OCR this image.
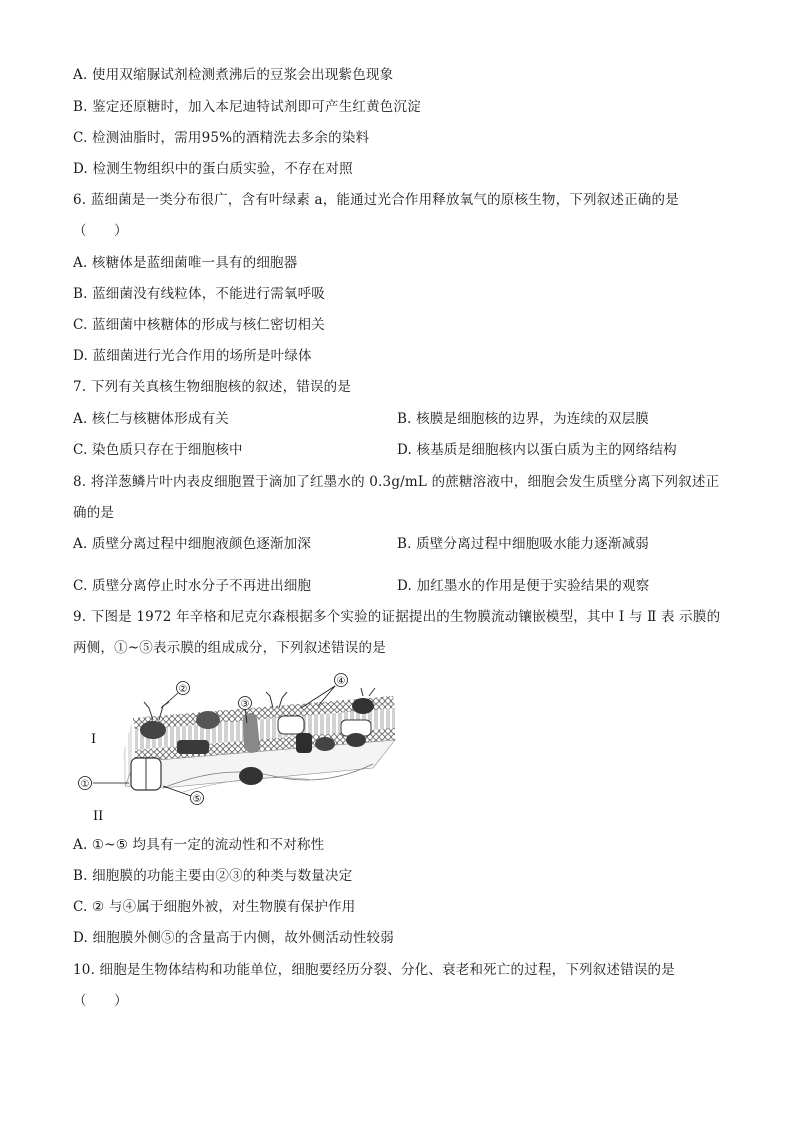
A. 使用双缩脲试剂检测煮沸后的豆浆会出现紫色现象
B. 鉴定还原糖时，加入本尼迪特试剂即可产生红黄色沉淀
C. 检测油脂时，需用95%的酒精洗去多余的染料
D. 检测生物组织中的蛋白质实验，不存在对照
6. 蓝细菌是一类分布很广，含有叶绿素 a，能通过光合作用释放氧气的原核生物，下列叙述正确的是
（　　）
A. 核糖体是蓝细菌唯一具有的细胞器
B. 蓝细菌没有线粒体，不能进行需氧呼吸
C. 蓝细菌中核糖体的形成与核仁密切相关
D. 蓝细菌进行光合作用的场所是叶绿体
7. 下列有关真核生物细胞核的叙述，错误的是
A. 核仁与核糖体形成有关	B. 核膜是细胞核的边界，为连续的双层膜
C. 染色质只存在于细胞核中	D. 核基质是细胞核内以蛋白质为主的网络结构
8. 将洋葱鳞片叶内表皮细胞置于滴加了红墨水的 0.3g/mL 的蔗糖溶液中，细胞会发生质壁分离下列叙述正
确的是
A. 质壁分离过程中细胞液颜色逐渐加深	B. 质壁分离过程中细胞吸水能力逐渐减弱
C. 质壁分离停止时水分子不再进出细胞	D. 加红墨水的作用是便于实验结果的观察
9. 下图是 1972 年辛格和尼克尔森根据多个实验的证据提出的生物膜流动镶嵌模型，其中 I 与 Ⅱ 表 示膜的
两侧，①~⑤表示膜的组成成分，下列叙述错误的是
I
II
①
②
③
④
⑤
A. ①~⑤ 均具有一定的流动性和不对称性
B. 细胞膜的功能主要由②③的种类与数量决定
C. ② 与④属于细胞外被，对生物膜有保护作用
D. 细胞膜外侧⑤的含量高于内侧，故外侧活动性较弱
10. 细胞是生物体结构和功能单位，细胞要经历分裂、分化、衰老和死亡的过程，下列叙述错误的是
（　　）
